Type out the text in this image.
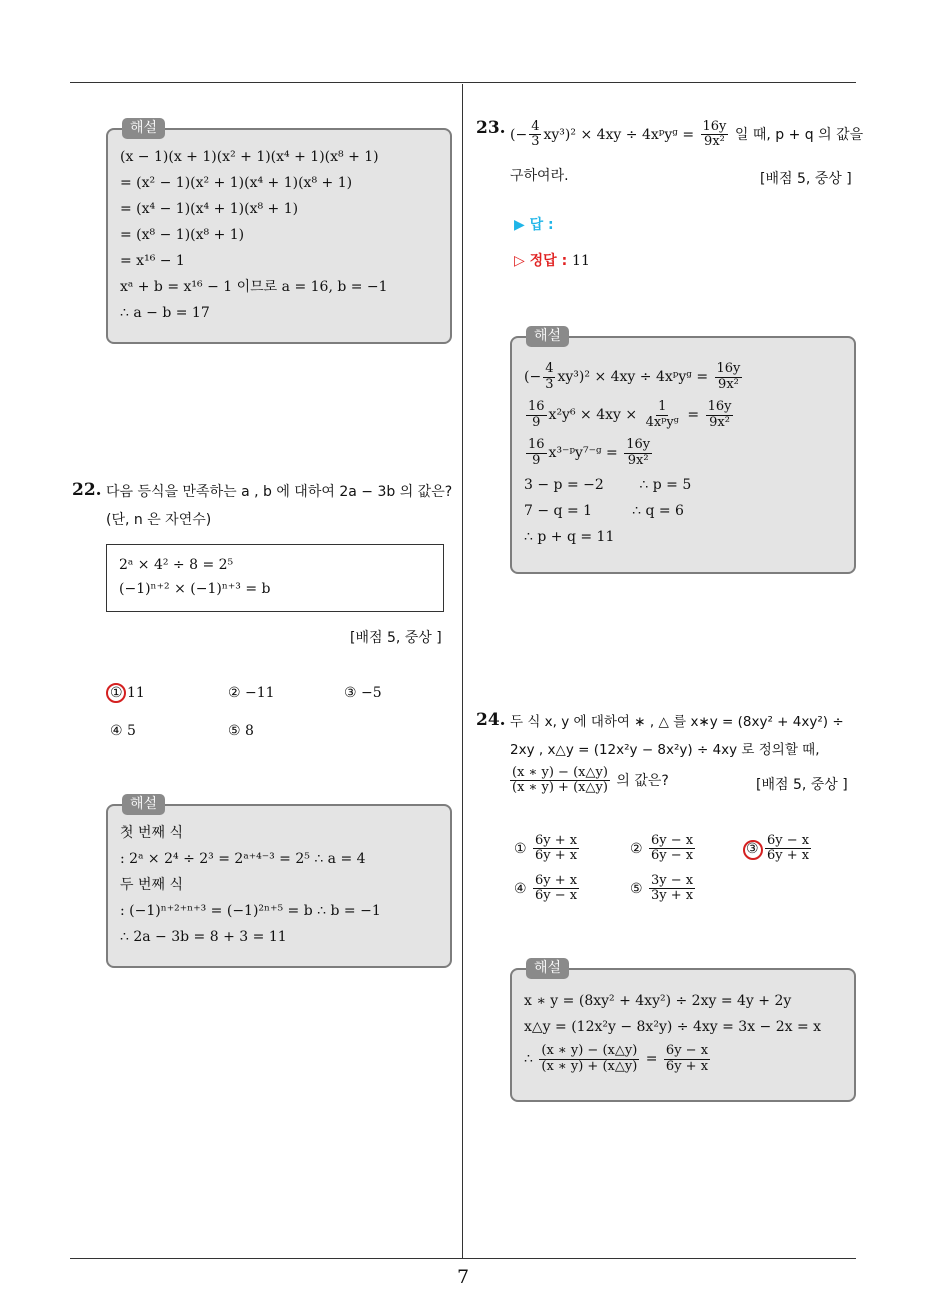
7
해설
(x − 1)(x + 1)(x² + 1)(x⁴ + 1)(x⁸ + 1)
= (x² − 1)(x² + 1)(x⁴ + 1)(x⁸ + 1)
= (x⁴ − 1)(x⁴ + 1)(x⁸ + 1)
= (x⁸ − 1)(x⁸ + 1)
= x¹⁶ − 1
xᵃ + b = x¹⁶ − 1 이므로 a = 16, b = −1
∴ a − b = 17
22. 다음 등식을 만족하는 a , b 에 대하여 2a − 3b 의 값은?
(단, n 은 자연수)
2ᵃ × 4² ÷ 8 = 2⁵
(−1)ⁿ⁺² × (−1)ⁿ⁺³ = b
[배점 5, 중상 ]
① 11	② −11	③ −5
④ 5	⑤ 8
해설
첫 번째 식
: 2ᵃ × 2⁴ ÷ 2³ = 2ᵃ⁺⁴⁻³ = 2⁵ ∴ a = 4
두 번째 식
: (−1)ⁿ⁺²⁺ⁿ⁺³ = (−1)²ⁿ⁺⁵ = b ∴ b = −1
∴ 2a − 3b = 8 + 3 = 11
23. (− $\frac{4}{3} xy^3)^2 \times 4xy$ ÷ 4xᵖyᵍ = $\frac{16y}{\text{9x²}}$ 일 때, p + q 의 값을
구하여라.	[배점 5, 중상 ]
▶ 답 :
▷ 정답 : 11
해설
(− $\frac{4}{3} xy^3)^2 \times 4xy$ ÷ 4xᵖyᵍ = $\frac{16y}{\text{9x²}}$
$\frac{16}{9} x^2y^6 \times 4xy \times \frac{1}{\text{4xᵖyᵍ}} = \frac{16y}{\text{9x²}}$
$\frac{16}{9}$ x³⁻ᵖy⁷⁻ᵍ = $\frac{16y}{\text{9x²}}$
3 − p = −2        ∴ p = 5
7 − q = 1         ∴ q = 6
∴ p + q = 11
24. 두 식 x, y 에 대하여 ∗ , △ 를 x∗y = (8xy² + 4xy²) ÷
2xy , x△y = (12x²y − 8x²y) ÷ 4xy 로 정의할 때,
$\frac{(x ∗ y) - (x\triangle y)}{(x ∗ y) + (x\triangle y)}$ 의 값은?	[배점 5, 중상 ]
① $\frac{6y + x}{6y + x}$	② $\frac{6y - x}{6y - x}$	③ $\frac{6y - x}{6y + x}$
④ $\frac{6y + x}{6y - x}$	⑤ $\frac{3y - x}{3y + x}$
해설
x ∗ y = (8xy² + 4xy²) ÷ 2xy = 4y + 2y
x△y = (12x²y − 8x²y) ÷ 4xy = 3x − 2x = x
∴ $\frac{(x ∗ y) - (x\triangle y)}{(x ∗ y) + (x\triangle y)} = \frac{6y - x}{6y + x}$
